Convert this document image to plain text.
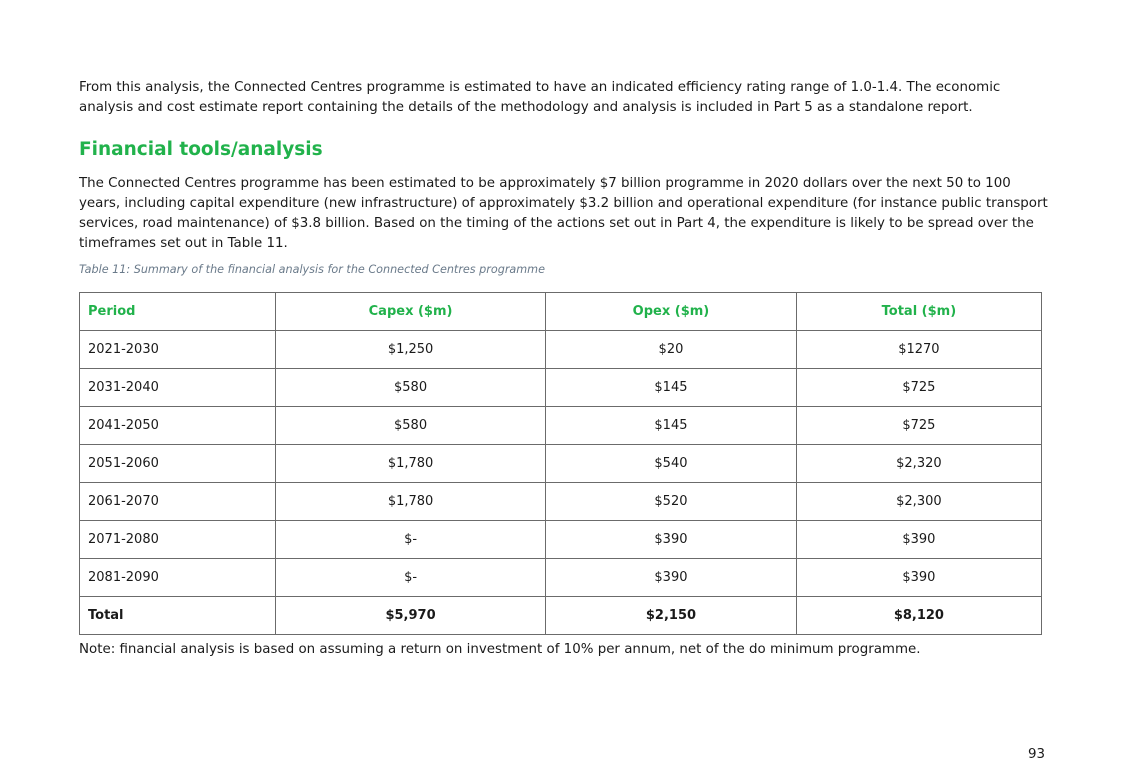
From this analysis, the Connected Centres programme is estimated to have an indicated efficiency rating range of 1.0-1.4. The economic analysis and cost estimate report containing the details of the methodology and analysis is included in Part 5 as a standalone report.

Financial tools/analysis

The Connected Centres programme has been estimated to be approximately $7 billion programme in 2020 dollars over the next 50 to 100 years, including capital expenditure (new infrastructure) of approximately $3.2 billion and operational expenditure (for instance public transport services, road maintenance) of $3.8 billion. Based on the timing of the actions set out in Part 4, the expenditure is likely to be spread over the timeframes set out in Table 11.

Table 11: Summary of the financial analysis for the Connected Centres programme

Period	Capex ($m)	Opex ($m)	Total ($m)
2021-2030	$1,250	$20	$1270
2031-2040	$580	$145	$725
2041-2050	$580	$145	$725
2051-2060	$1,780	$540	$2,320
2061-2070	$1,780	$520	$2,300
2071-2080	$-	$390	$390
2081-2090	$-	$390	$390
Total	$5,970	$2,150	$8,120

Note: financial analysis is based on assuming a return on investment of 10% per annum, net of the do minimum programme.

93
